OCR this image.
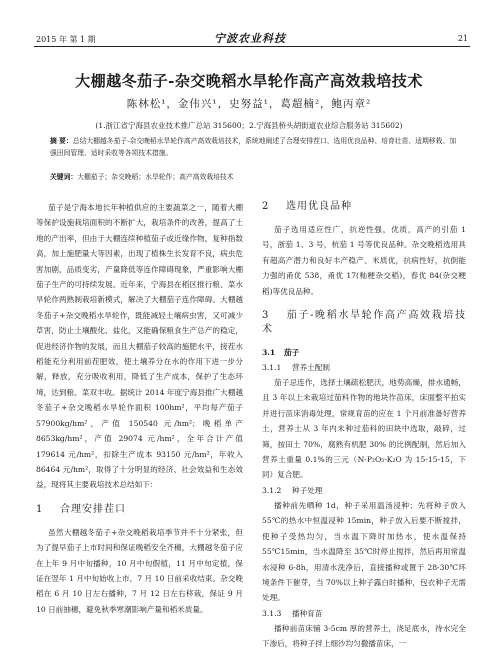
2015 年 第 1 期	宁波农业科技	21
大棚越冬茄子-杂交晚稻水旱轮作高产高效栽培技术
陈林松¹，金伟兴¹，史努益¹，葛超楠²，鲍丙章²
(1.浙江省宁海县农业技术推广总站 315600；2.宁海县桥头胡街道农业综合服务站 315602)
摘 要：总结大棚越冬茄子-杂交晚稻水旱轮作高产高效栽培技术，系统地阐述了合理安排茬口、选用优良品种、培育壮苗、适期移栽、加强田间管理、适时采收等各项技术措施。
关键词：大棚茄子；杂交晚稻；水旱轮作；高产高效栽培技术

茄子是宁海本地长年种植供应的主要蔬菜之一，随着大棚等保护设施栽培面积的不断扩大，栽培条件的改善，提高了土地的产出率，但由于大棚连续种植茄子或近缘作物，复种指数高，加上施肥量大等因素，出现了植株生长发育不良，病虫危害加剧，品质变劣，产量降低等连作障碍现象，严重影响大棚茄子生产的可持续发展。近年来，宁海县在稻区推行粮、菜水旱轮作两熟制栽培新模式，解决了大棚茄子连作障碍。大棚越冬茄子+杂交晚稻水旱轮作，既能减轻土壤病虫害，又可减少草害，防止土壤酸化、盐化，又能确保粮食生产总产的稳定，促进经济作物的发展，而且大棚茄子较高的施肥水平，接茬水稻能充分利用前茬肥效，使土壤养分在水的作用下进一步分解，释放，充分吸收利用，降低了生产成本，保护了生态环境，达到粮、菜双丰收。据统计 2014 年度宁海县推广大棚越冬茄子+杂交晚稻水旱轮作面积 100hm²，平均每产茄子 57900kg/hm²，产值 150540 元/hm²；晚稻单产 8653kg/hm²，产值 29074 元/hm²，全年合计产值 179614 元/hm²，扣除生产成本 93150 元/hm²，年收入 86464 元/hm²，取得了十分明显的经济、社会效益和生态效益，现将其主要栽培技术总结如下：

1 合理安排茬口

虽然大棚越冬茄子+杂交晚稻栽培季节并不十分紧张，但为了提早茄子上市时间和保证晚稻安全齐穗，大棚越冬茄子应在上年 9 月中旬播种，10 月中旬假植，11 月中旬定植，保证在翌年 1 月中旬始收上市，7 月 10 日前采收结束。杂交晚稻在 6 月 10 日左右播种，7 月 12 日左右移栽，保证 9 月 10 日前抽穗，避免秋季寒潮影响产量和稻米质量。

2 选用优良品种

茄子选用适应性广，抗逆性强，优质，高产的引茄 1 号，浙茄 1、3 号，杭茄 1 号等优良品种。杂交晚稻选用具有超高产潜力和良好丰产稳产、米质优，抗病性好，抗倒能力强的甬优 538，甬优 17(籼粳杂交稻)，春优 84(杂交粳稻)等优良品种。

3 茄子-晚稻水旱轮作高产高效栽培技术
3.1 茄子
3.1.1 营养土配制

茄子忌连作，选择土壤疏松肥沃，地势高燥，排水通畅，且 3 年以上未栽培过茄科作物的地块作苗床，床面整平拍实并进行苗床消毒处理，常规育苗的应在 1 个月前准备好营养土，营养土从 3 年内未种过茄科的田块中选取，敲碎，过筛，按田土 70%，腐熟有机肥 30% 的比例配制，然后加入营养土重量 0.1%的三元（N-P₂O₅-K₂O 为 15-15-15，下同）复合肥。

3.1.2 种子处理

播种前先晒种 1d，种子采用温汤浸种；先将种子放入 55℃的热水中恒温浸种 15min，种子放入后要不断搅拌，使种子受热均匀，当水温下降时加热水，使水温保持 55℃15min，当水温降至 35℃时停止搅拌，然后再用常温水浸种 6-8h，用清水洗净后，直接播种或置于 28-30℃环境条件下催芽，当 70%以上种子露白时播种，包衣种子无需处理。

3.1.3 播种育苗

播种前苗床铺 3-5cm 厚的营养土，浇足底水，待水完全下渗后，将种子拌上细沙均匀撒播苗床，一
